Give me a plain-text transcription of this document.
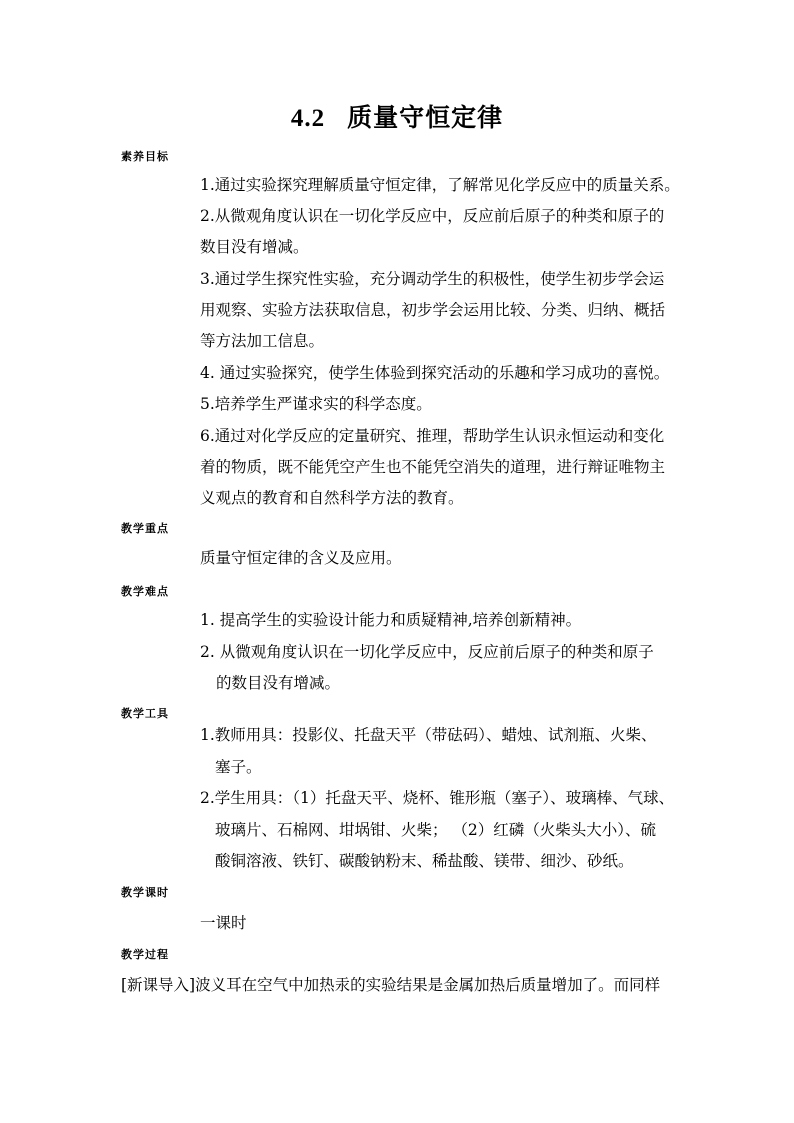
4.2 质量守恒定律
素养目标
1.通过实验探究理解质量守恒定律，了解常见化学反应中的质量关系。
2.从微观角度认识在一切化学反应中，反应前后原子的种类和原子的
数目没有增减。
3.通过学生探究性实验，充分调动学生的积极性，使学生初步学会运
用观察、实验方法获取信息，初步学会运用比较、分类、归纳、概括
等方法加工信息。
4. 通过实验探究，使学生体验到探究活动的乐趣和学习成功的喜悦。
5.培养学生严谨求实的科学态度。
6.通过对化学反应的定量研究、推理，帮助学生认识永恒运动和变化
着的物质，既不能凭空产生也不能凭空消失的道理，进行辩证唯物主
义观点的教育和自然科学方法的教育。
教学重点
质量守恒定律的含义及应用。
教学难点
1. 提高学生的实验设计能力和质疑精神,培养创新精神。
2. 从微观角度认识在一切化学反应中，反应前后原子的种类和原子
的数目没有增减。
教学工具
1.教师用具：投影仪、托盘天平（带砝码）、蜡烛、试剂瓶、火柴、
塞子。
2.学生用具：（1）托盘天平、烧杯、锥形瓶（塞子）、玻璃棒、气球、
玻璃片、石棉网、坩埚钳、火柴； （2）红磷（火柴头大小）、硫
酸铜溶液、铁钉、碳酸钠粉末、稀盐酸、镁带、细沙、砂纸。
教学课时
一课时
教学过程
[新课导入]波义耳在空气中加热汞的实验结果是金属加热后质量增加了。而同样
